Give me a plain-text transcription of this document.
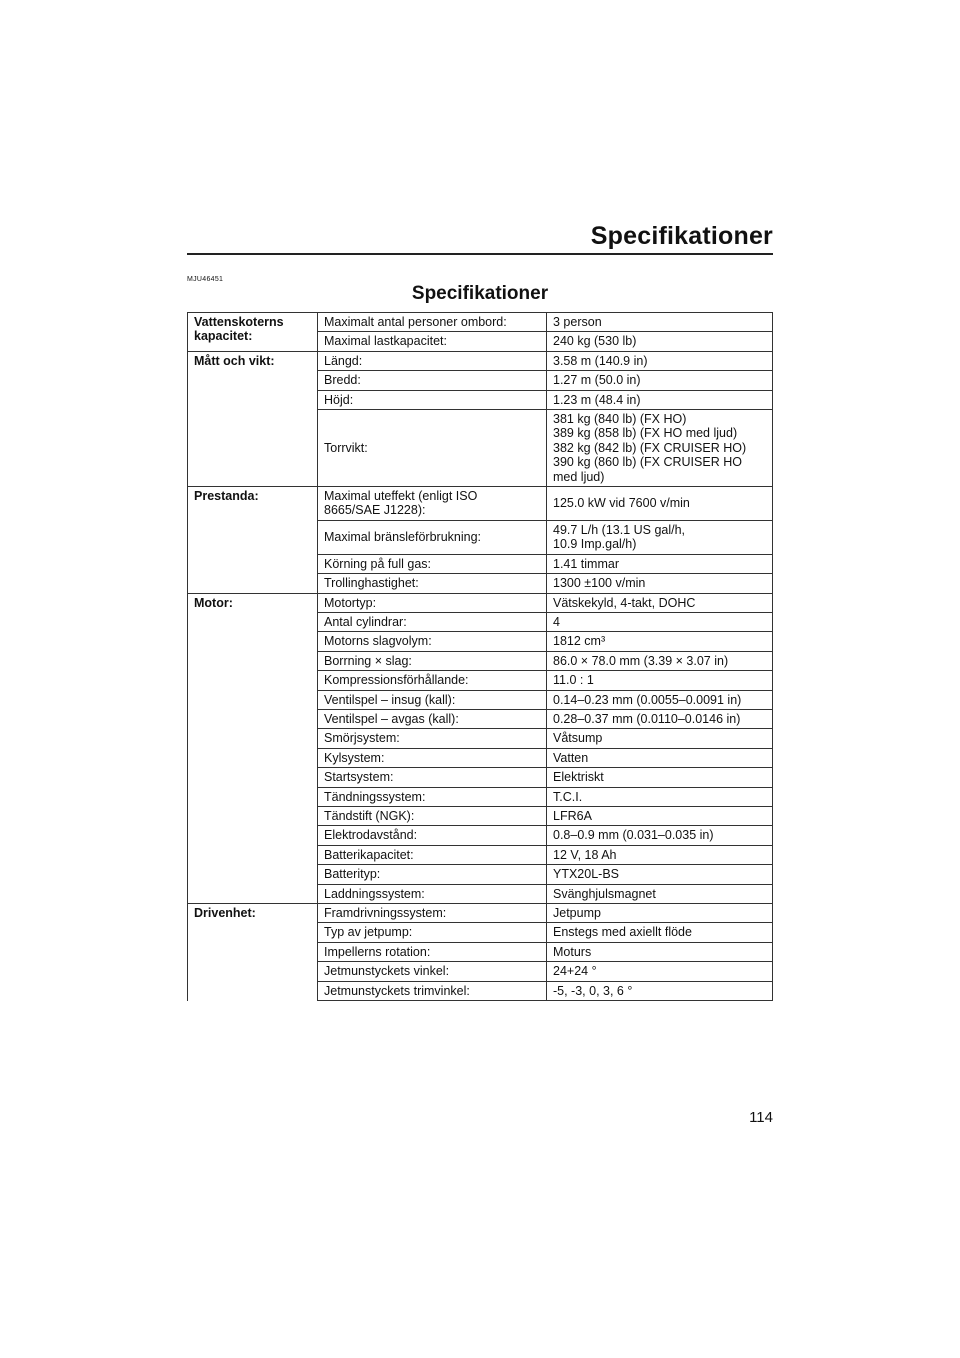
Specifikationer
MJU46451
Specifikationer
Vattenskoterns kapacitet:	Maximalt antal personer ombord:	3 person
	Maximal lastkapacitet:	240 kg (530 lb)
Mått och vikt:	Längd:	3.58 m (140.9 in)
	Bredd:	1.27 m (50.0 in)
	Höjd:	1.23 m (48.4 in)
	Torrvikt:	381 kg (840 lb) (FX HO)
389 kg (858 lb) (FX HO med ljud)
382 kg (842 lb) (FX CRUISER HO)
390 kg (860 lb) (FX CRUISER HO
med ljud)
Prestanda:	Maximal uteffekt (enligt ISO
8665/SAE J1228):	125.0 kW vid 7600 v/min
	Maximal bränsleförbrukning:	49.7 L/h (13.1 US gal/h,
10.9 Imp.gal/h)
	Körning på full gas:	1.41 timmar
	Trollinghastighet:	1300 ±100 v/min
Motor:	Motortyp:	Vätskekyld, 4-takt, DOHC
	Antal cylindrar:	4
	Motorns slagvolym:	1812 cm³
	Borrning × slag:	86.0 × 78.0 mm (3.39 × 3.07 in)
	Kompressionsförhållande:	11.0 : 1
	Ventilspel – insug (kall):	0.14–0.23 mm (0.0055–0.0091 in)
	Ventilspel – avgas (kall):	0.28–0.37 mm (0.0110–0.0146 in)
	Smörjsystem:	Våtsump
	Kylsystem:	Vatten
	Startsystem:	Elektriskt
	Tändningssystem:	T.C.I.
	Tändstift (NGK):	LFR6A
	Elektrodavstånd:	0.8–0.9 mm (0.031–0.035 in)
	Batterikapacitet:	12 V, 18 Ah
	Batterityp:	YTX20L-BS
	Laddningssystem:	Svänghjulsmagnet
Drivenhet:	Framdrivningssystem:	Jetpump
	Typ av jetpump:	Enstegs med axiellt flöde
	Impellerns rotation:	Moturs
	Jetmunstyckets vinkel:	24+24 °
	Jetmunstyckets trimvinkel:	-5, -3, 0, 3, 6 °
114
